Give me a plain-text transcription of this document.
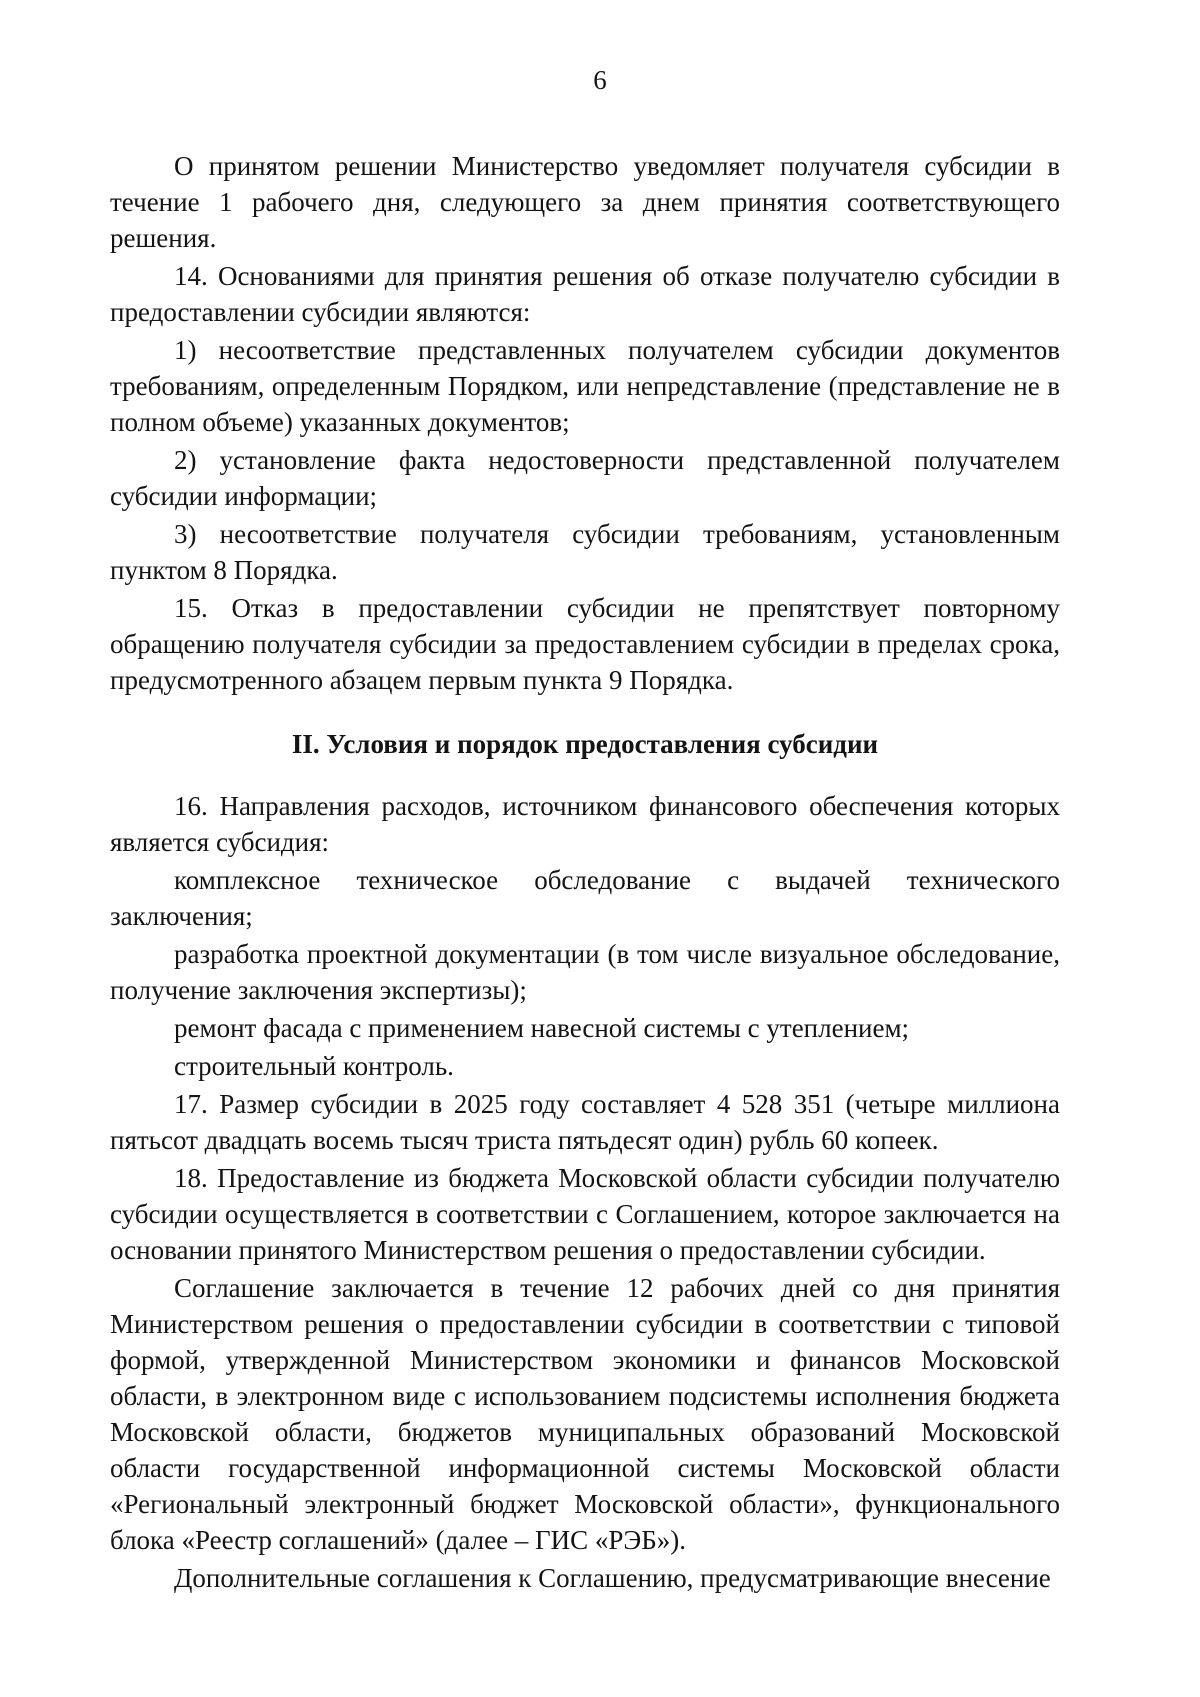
6

О принятом решении Министерство уведомляет получателя субсидии в течение 1 рабочего дня, следующего за днем принятия соответствующего решения.

14. Основаниями для принятия решения об отказе получателю субсидии в предоставлении субсидии являются:

1) несоответствие представленных получателем субсидии документов требованиям, определенным Порядком, или непредставление (представление не в полном объеме) указанных документов;

2) установление факта недостоверности представленной получателем субсидии информации;

3) несоответствие получателя субсидии требованиям, установленным пунктом 8 Порядка.

15. Отказ в предоставлении субсидии не препятствует повторному обращению получателя субсидии за предоставлением субсидии в пределах срока, предусмотренного абзацем первым пункта 9 Порядка.

II. Условия и порядок предоставления субсидии

16. Направления расходов, источником финансового обеспечения которых является субсидия:

комплексное техническое обследование с выдачей технического заключения;

разработка проектной документации (в том числе визуальное обследование, получение заключения экспертизы);

ремонт фасада с применением навесной системы с утеплением;

строительный контроль.

17. Размер субсидии в 2025 году составляет 4 528 351 (четыре миллиона пятьсот двадцать восемь тысяч триста пятьдесят один) рубль 60 копеек.

18. Предоставление из бюджета Московской области субсидии получателю субсидии осуществляется в соответствии с Соглашением, которое заключается на основании принятого Министерством решения о предоставлении субсидии.

Соглашение заключается в течение 12 рабочих дней со дня принятия Министерством решения о предоставлении субсидии в соответствии с типовой формой, утвержденной Министерством экономики и финансов Московской области, в электронном виде с использованием подсистемы исполнения бюджета Московской области, бюджетов муниципальных образований Московской области государственной информационной системы Московской области «Региональный электронный бюджет Московской области», функционального блока «Реестр соглашений» (далее – ГИС «РЭБ»).

Дополнительные соглашения к Соглашению, предусматривающие внесение
